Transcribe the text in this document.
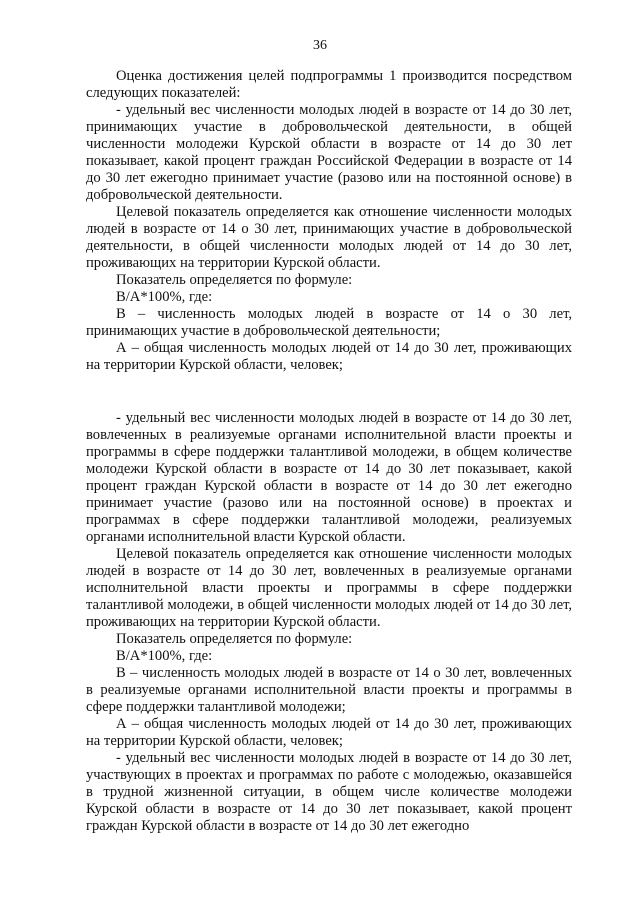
36

Оценка достижения целей подпрограммы 1 производится посредством следующих показателей:

- удельный вес численности молодых людей в возрасте от 14 до 30 лет, принимающих участие в добровольческой деятельности, в общей численности молодежи Курской области в возрасте от 14 до 30 лет показывает, какой процент граждан Российской Федерации в возрасте от 14 до 30 лет ежегодно принимает участие (разово или на постоянной основе) в добровольческой деятельности.

Целевой показатель определяется как отношение численности молодых людей в возрасте от 14 о 30 лет, принимающих участие в добровольческой деятельности, в общей численности молодых людей от 14 до 30 лет, проживающих на территории Курской области.

Показатель определяется по формуле:

В/А*100%, где:

В – численность молодых людей в возрасте от 14 о 30 лет, принимающих участие в добровольческой деятельности;

А – общая численность молодых людей от 14 до 30 лет, проживающих на территории Курской области, человек;

- удельный вес численности молодых людей в возрасте от 14 до 30 лет, вовлеченных в реализуемые органами исполнительной власти проекты и программы в сфере поддержки талантливой молодежи, в общем количестве молодежи Курской области в возрасте от 14 до 30 лет показывает, какой процент граждан Курской области в возрасте от 14 до 30 лет ежегодно принимает участие (разово или на постоянной основе) в проектах и программах в сфере поддержки талантливой молодежи, реализуемых органами исполнительной власти Курской области.

Целевой показатель определяется как отношение численности молодых людей в возрасте от 14 до 30 лет, вовлеченных в реализуемые органами исполнительной власти проекты и программы в сфере поддержки талантливой молодежи, в общей численности молодых людей от 14 до 30 лет, проживающих на территории Курской области.

Показатель определяется по формуле:

В/А*100%, где:

В – численность молодых людей в возрасте от 14 о 30 лет, вовлеченных в реализуемые органами исполнительной власти проекты и программы в сфере поддержки талантливой молодежи;

А – общая численность молодых людей от 14 до 30 лет, проживающих на территории Курской области, человек;

- удельный вес численности молодых людей в возрасте от 14 до 30 лет, участвующих в проектах и программах по работе с молодежью, оказавшейся в трудной жизненной ситуации, в общем числе количестве молодежи Курской области в возрасте от 14 до 30 лет показывает, какой процент граждан Курской области в возрасте от 14 до 30 лет ежегодно
